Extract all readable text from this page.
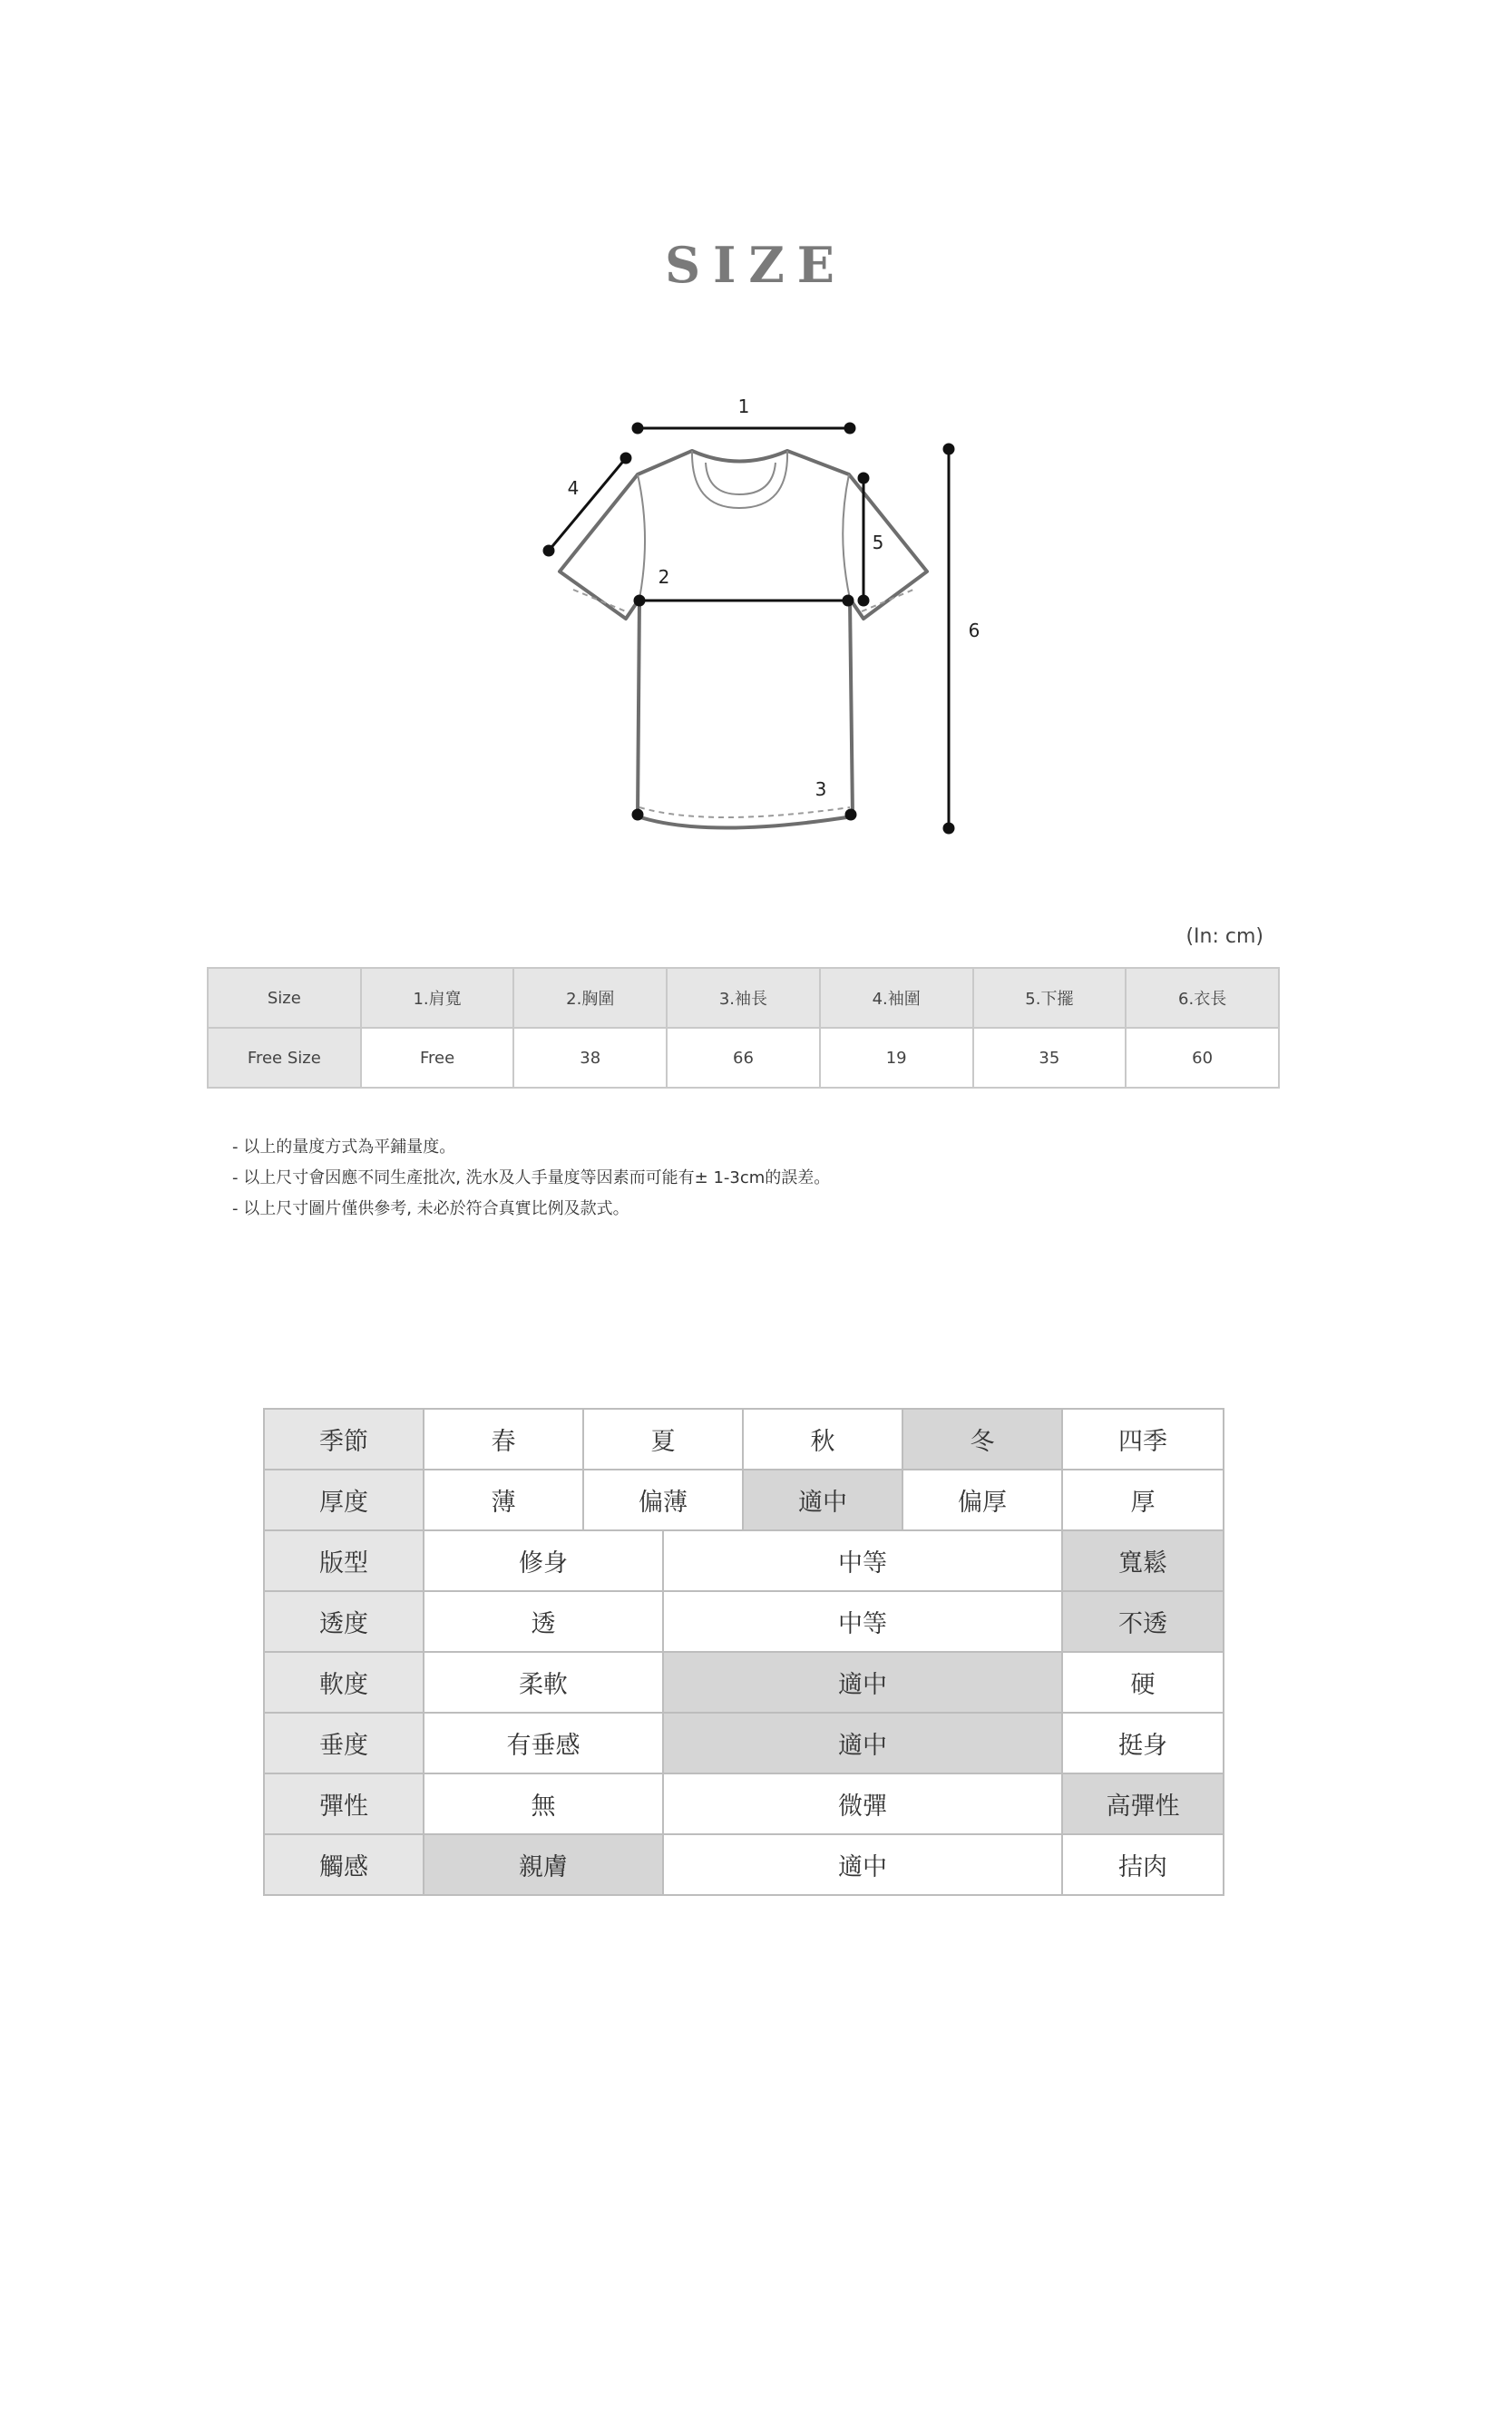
SIZE
1
2
3
4
5
6
(In: cm)
Size	1.肩寬	2.胸圍	3.袖長	4.袖圍	5.下擺	6.衣長
Free Size	Free	38	66	19	35	60
- 以上的量度方式為平鋪量度。
- 以上尺寸會因應不同生產批次, 洗水及人手量度等因素而可能有± 1-3cm的誤差。
- 以上尺寸圖片僅供參考, 未必於符合真實比例及款式。
季節	春	夏		秋	冬	四季
厚度	薄	偏薄		適中	偏厚	厚
版型	修身		中等			寬鬆
透度	透		中等			不透
軟度	柔軟		適中			硬
垂度	有垂感		適中			挺身
彈性	無		微彈			高彈性
觸感	親膚		適中			拮肉
